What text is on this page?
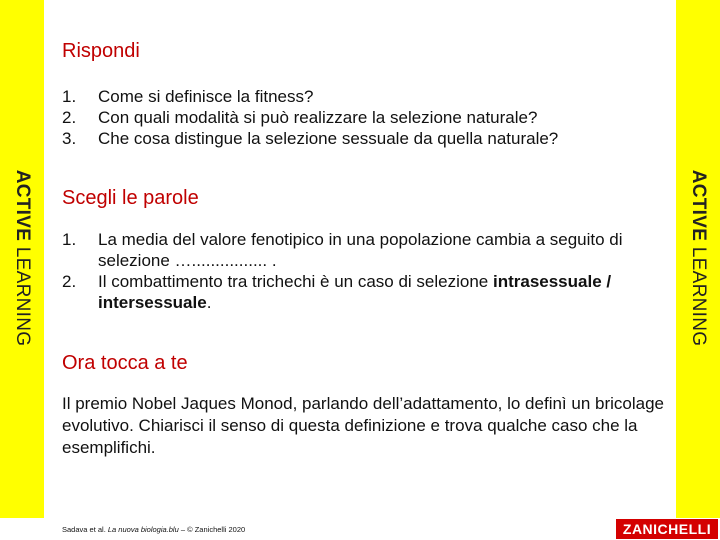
ACTIVE LEARNING
ACTIVE LEARNING
Rispondi
1. Come si definisce la fitness?
2. Con quali modalità si può realizzare la selezione naturale?
3. Che cosa distingue la selezione sessuale da quella naturale?
Scegli le parole
1. La media del valore fenotipico in una popolazione cambia a seguito di selezione …................ .
2. Il combattimento tra trichechi è un caso di selezione intrasessuale / intersessuale.
Ora tocca a te
Il premio Nobel Jaques Monod, parlando dell’adattamento, lo definì un bricolage evolutivo. Chiarisci il senso di questa definizione e trova qualche caso che la esemplifichi.
Sadava et al. La nuova biologia.blu – © Zanichelli 2020	ZANICHELLI
